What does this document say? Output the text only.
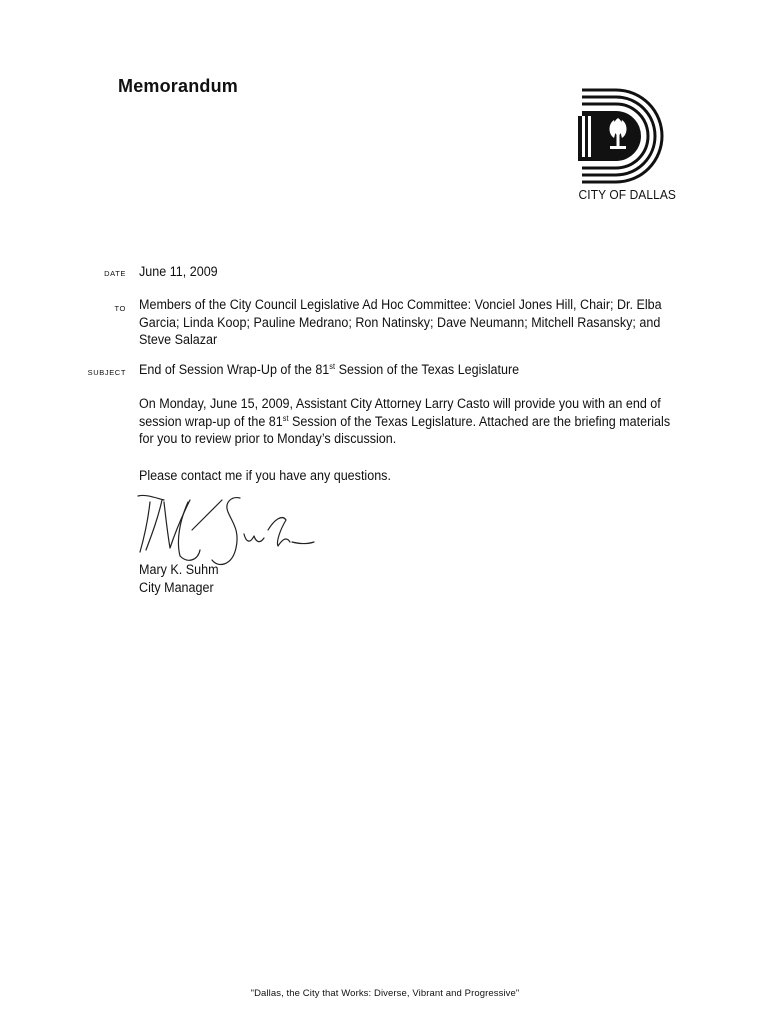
Memorandum
CITY OF DALLAS
DATE June 11, 2009
TO Members of the City Council Legislative Ad Hoc Committee: Vonciel Jones Hill, Chair; Dr. Elba
Garcia; Linda Koop; Pauline Medrano; Ron Natinsky; Dave Neumann; Mitchell Rasansky; and
Steve Salazar
SUBJECT End of Session Wrap-Up of the 81st Session of the Texas Legislature
On Monday, June 15, 2009, Assistant City Attorney Larry Casto will provide you with an end of
session wrap-up of the 81st Session of the Texas Legislature. Attached are the briefing materials
for you to review prior to Monday’s discussion.
Please contact me if you have any questions.
Mary K. Suhm
City Manager
"Dallas, the City that Works: Diverse, Vibrant and Progressive"
